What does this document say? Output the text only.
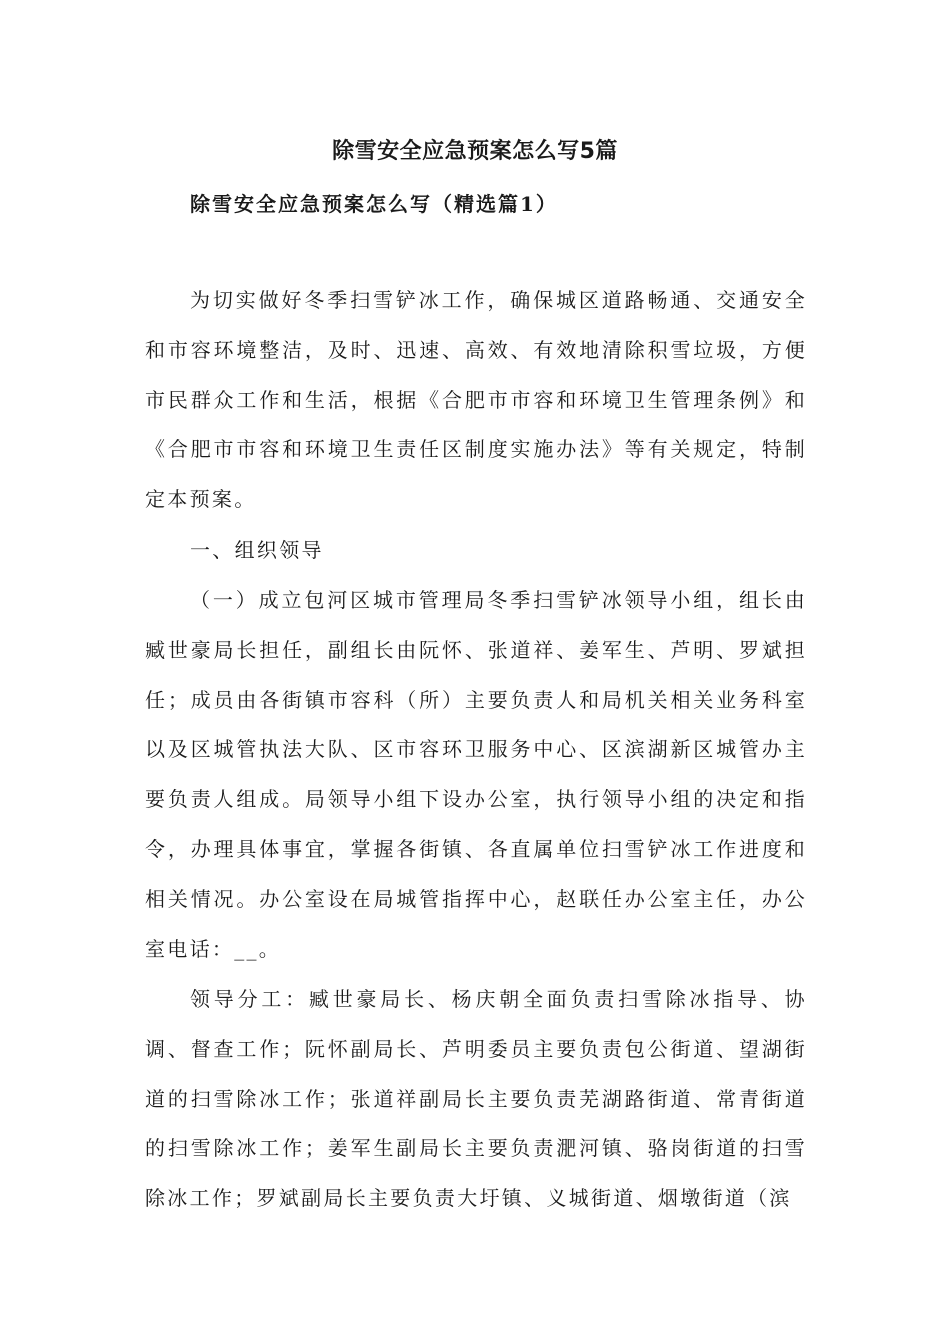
除雪安全应急预案怎么写5篇
除雪安全应急预案怎么写（精选篇1）

为切实做好冬季扫雪铲冰工作，确保城区道路畅通、交通安全和市容环境整洁，及时、迅速、高效、有效地清除积雪垃圾，方便市民群众工作和生活，根据《合肥市市容和环境卫生管理条例》和《合肥市市容和环境卫生责任区制度实施办法》等有关规定，特制定本预案。

一、组织领导

（一）成立包河区城市管理局冬季扫雪铲冰领导小组，组长由臧世豪局长担任，副组长由阮怀、张道祥、姜军生、芦明、罗斌担任；成员由各街镇市容科（所）主要负责人和局机关相关业务科室以及区城管执法大队、区市容环卫服务中心、区滨湖新区城管办主要负责人组成。局领导小组下设办公室，执行领导小组的决定和指令，办理具体事宜，掌握各街镇、各直属单位扫雪铲冰工作进度和相关情况。办公室设在局城管指挥中心，赵联任办公室主任，办公室电话：__。

领导分工：臧世豪局长、杨庆朝全面负责扫雪除冰指导、协调、督查工作；阮怀副局长、芦明委员主要负责包公街道、望湖街道的扫雪除冰工作；张道祥副局长主要负责芜湖路街道、常青街道的扫雪除冰工作；姜军生副局长主要负责淝河镇、骆岗街道的扫雪除冰工作；罗斌副局长主要负责大圩镇、义城街道、烟墩街道（滨
